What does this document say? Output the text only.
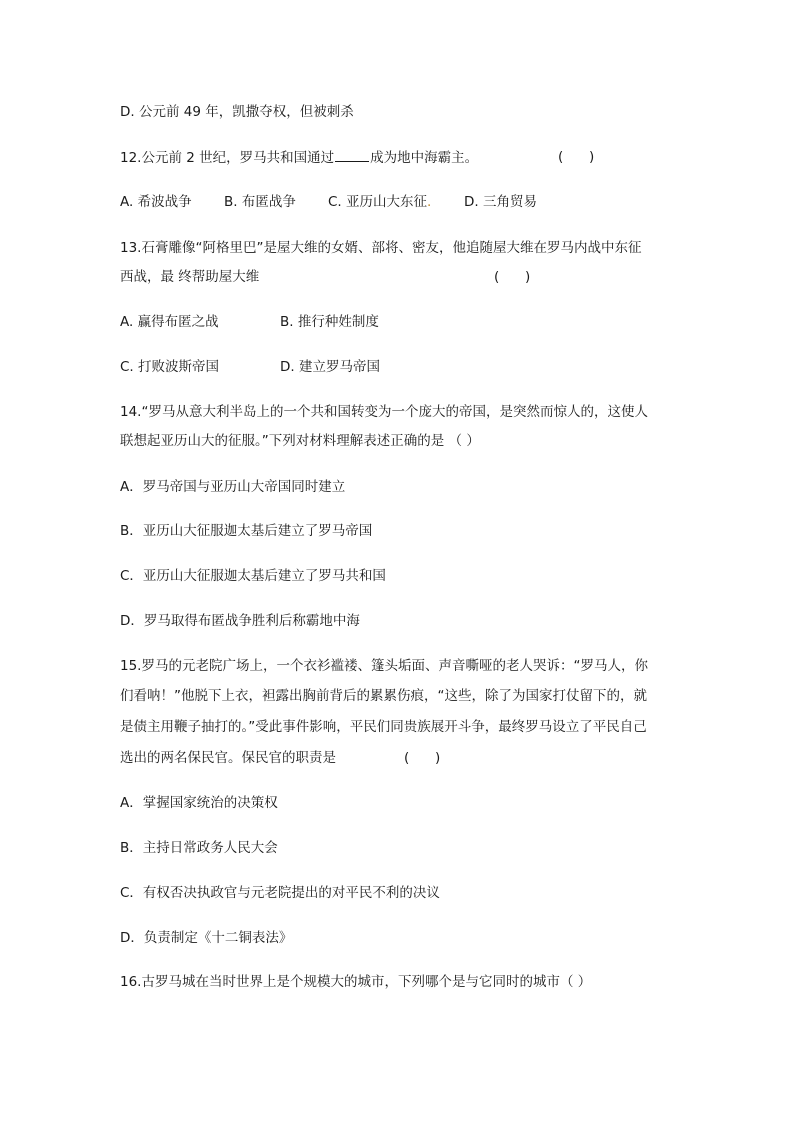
D. 公元前 49 年，凯撒夺权，但被刺杀
12.公元前 2 世纪，罗马共和国通过	成为地中海霸主。	(      )
A. 希波战争 B. 布匿战争 C. 亚历山大东征. D. 三角贸易
13.石膏雕像“阿格里巴”是屋大维的女婿、部将、密友，他追随屋大维在罗马内战中东征
西战，最 终帮助屋大维	(      )
A. 赢得布匿之战	B. 推行种姓制度
C. 打败波斯帝国	D. 建立罗马帝国
14.“罗马从意大利半岛上的一个共和国转变为一个庞大的帝国，是突然而惊人的，这使人
联想起亚历山大的征服。”下列对材料理解表述正确的是 （ ）
A．罗马帝国与亚历山大帝国同时建立
B．亚历山大征服迦太基后建立了罗马帝国
C．亚历山大征服迦太基后建立了罗马共和国
D．罗马取得布匿战争胜利后称霸地中海
15.罗马的元老院广场上，一个衣衫褴褛、篷头垢面、声音嘶哑的老人哭诉：“罗马人，你
们看呐！”他脱下上衣，袒露出胸前背后的累累伤痕，“这些，除了为国家打仗留下的，就
是债主用鞭子抽打的。”受此事件影响，平民们同贵族展开斗争，最终罗马设立了平民自己
选出的两名保民官。保民官的职责是	(      )
A．掌握国家统治的决策权
B．主持日常政务人民大会
C．有权否决执政官与元老院提出的对平民不利的决议
D．负责制定《十二铜表法》
16.古罗马城在当时世界上是个规模大的城市，下列哪个是与它同时的城市（ ）
